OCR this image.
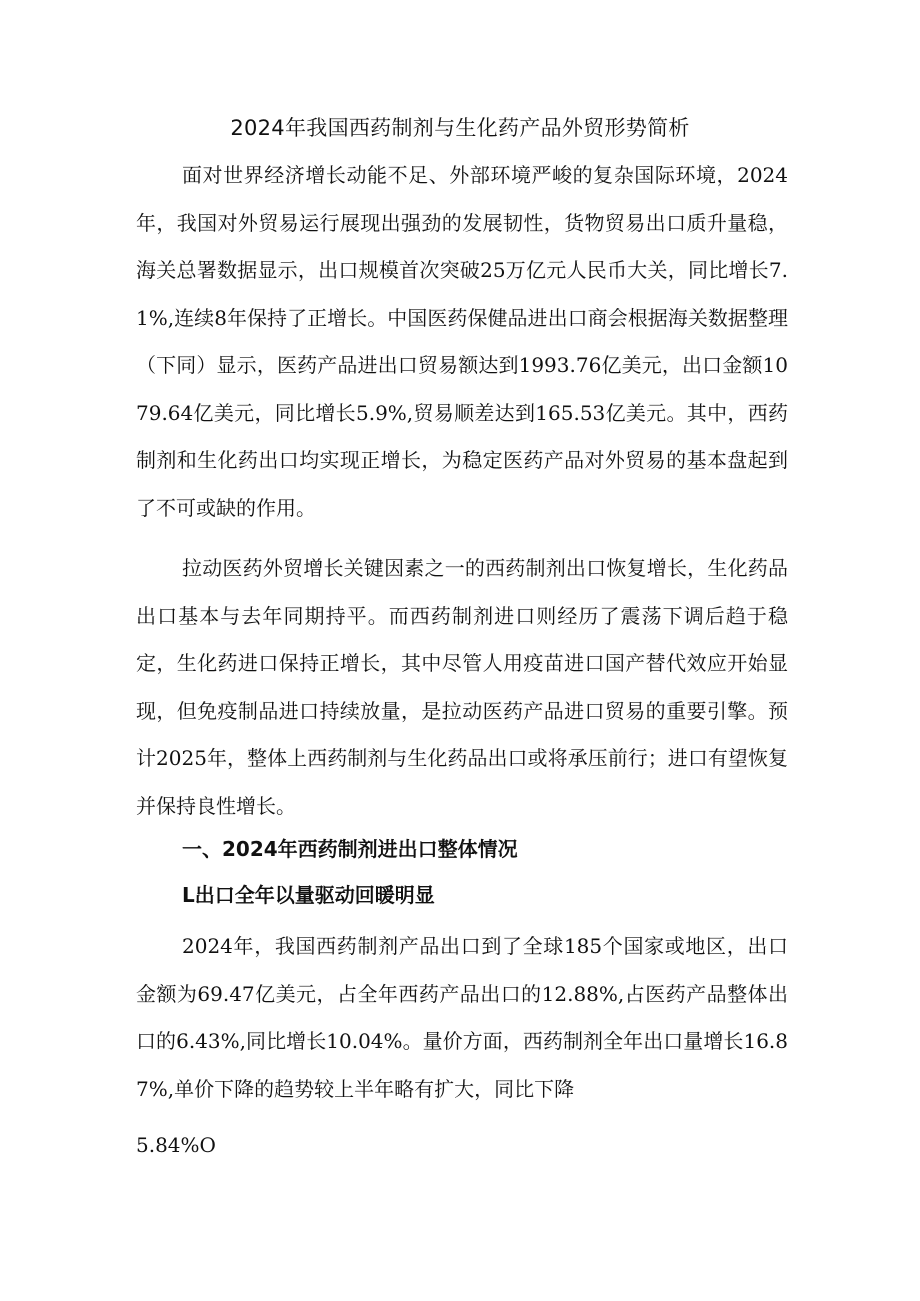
2024年我国西药制剂与生化药产品外贸形势简析

面对世界经济增长动能不足、外部环境严峻的复杂国际环境，2024年，我国对外贸易运行展现出强劲的发展韧性，货物贸易出口质升量稳，海关总署数据显示，出口规模首次突破25万亿元人民币大关，同比增长7.1%,连续8年保持了正增长。中国医药保健品进出口商会根据海关数据整理（下同）显示，医药产品进出口贸易额达到1993.76亿美元，出口金额1079.64亿美元，同比增长5.9%,贸易顺差达到165.53亿美元。其中，西药制剂和生化药出口均实现正增长，为稳定医药产品对外贸易的基本盘起到了不可或缺的作用。

拉动医药外贸增长关键因素之一的西药制剂出口恢复增长，生化药品出口基本与去年同期持平。而西药制剂进口则经历了震荡下调后趋于稳定，生化药进口保持正增长，其中尽管人用疫苗进口国产替代效应开始显现，但免疫制品进口持续放量，是拉动医药产品进口贸易的重要引擎。预计2025年，整体上西药制剂与生化药品出口或将承压前行；进口有望恢复并保持良性增长。

一、2024年西药制剂进出口整体情况
L出口全年以量驱动回暖明显

2024年，我国西药制剂产品出口到了全球185个国家或地区，出口金额为69.47亿美元，占全年西药产品出口的12.88%,占医药产品整体出口的6.43%,同比增长10.04%。量价方面，西药制剂全年出口量增长16.87%,单价下降的趋势较上半年略有扩大，同比下降

5.84%O
